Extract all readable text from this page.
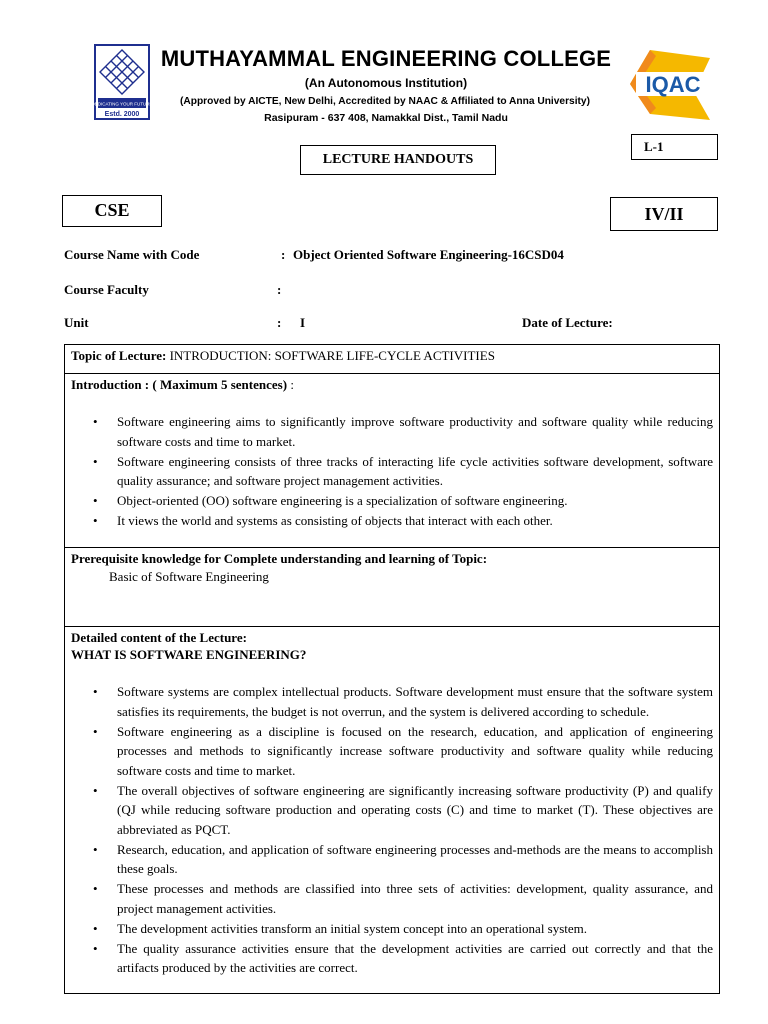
DEDICATING YOUR FUTURE
Estd. 2000
MUTHAYAMMAL ENGINEERING COLLEGE
(An Autonomous Institution)
(Approved by AICTE, New Delhi, Accredited by NAAC & Affiliated to Anna University)
Rasipuram - 637 408, Namakkal Dist., Tamil Nadu
IQAC
LECTURE HANDOUTS
L-1
CSE	IV/II
Course Name with Code	: Object Oriented Software Engineering-16CSD04
Course Faculty	:
Unit	: I	Date of Lecture:
Topic of Lecture: INTRODUCTION: SOFTWARE LIFE-CYCLE ACTIVITIES
Introduction : ( Maximum 5 sentences) :
• Software engineering aims to significantly improve software productivity and software quality while reducing software costs and time to market.
• Software engineering consists of three tracks of interacting life cycle activities software development, software quality assurance; and software project management activities.
• Object-oriented (OO) software engineering is a specialization of software engineering.
• It views the world and systems as consisting of objects that interact with each other.
Prerequisite knowledge for Complete understanding and learning of Topic:
Basic of Software Engineering
Detailed content of the Lecture:
WHAT IS SOFTWARE ENGINEERING?
• Software systems are complex intellectual products. Software development must ensure that the software system satisfies its requirements, the budget is not overrun, and the system is delivered according to schedule.
• Software engineering as a discipline is focused on the research, education, and application of engineering processes and methods to significantly increase software productivity and software quality while reducing software costs and time to market.
• The overall objectives of software engineering are significantly increasing software productivity (P) and qualify (QJ while reducing software production and operating costs (C) and time to market (T). These objectives are abbreviated as PQCT.
• Research, education, and application of software engineering processes and-methods are the means to accomplish these goals.
• These processes and methods are classified into three sets of activities: development, quality assurance, and project management activities.
• The development activities transform an initial system concept into an operational system.
• The quality assurance activities ensure that the development activities are carried out correctly and that the artifacts produced by the activities are correct.
